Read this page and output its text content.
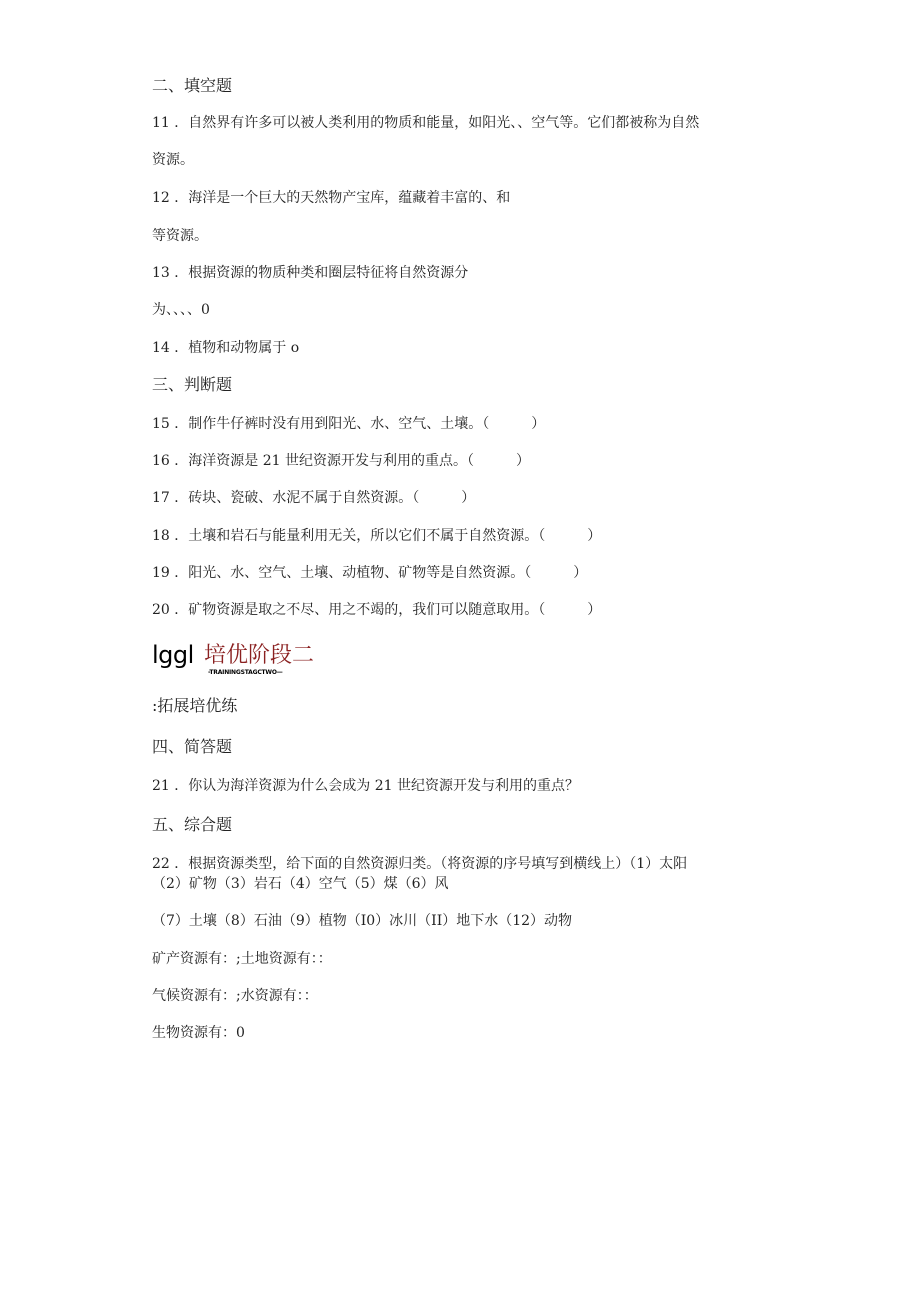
二、填空题
11 ．自然界有许多可以被人类利用的物质和能量，如阳光、、空气等。它们都被称为自然
资源。
12 ．海洋是一个巨大的天然物产宝库，蕴藏着丰富的、和
等资源。
13 ．根据资源的物质种类和圈层特征将自然资源分
为、、、、0
14 ．植物和动物属于 o
三、判断题
15 ．制作牛仔裤时没有用到阳光、水、空气、土壤。（　　　）
16 ．海洋资源是 21 世纪资源开发与利用的重点。（　　　）
17 ．砖块、瓷破、水泥不属于自然资源。（　　　）
18 ．土壤和岩石与能量利用无关，所以它们不属于自然资源。（　　　）
19 ．阳光、水、空气、土壤、动植物、矿物等是自然资源。（　　　）
20 ．矿物资源是取之不尽、用之不竭的，我们可以随意取用。（　　　）
lggl 培优阶段二
-TRAININGSTAGCTWO—
:拓展培优练
四、简答题
21 ．你认为海洋资源为什么会成为 21 世纪资源开发与利用的重点？
五、综合题
22 ．根据资源类型，给下面的自然资源归类。（将资源的序号填写到横线上）（1）太阳
（2）矿物（3）岩石（4）空气（5）煤（6）风
（7）土壤（8）石油（9）植物（I0）冰川（II）地下水（12）动物
矿产资源有：;土地资源有：：
气候资源有：;水资源有：：
生物资源有：0
